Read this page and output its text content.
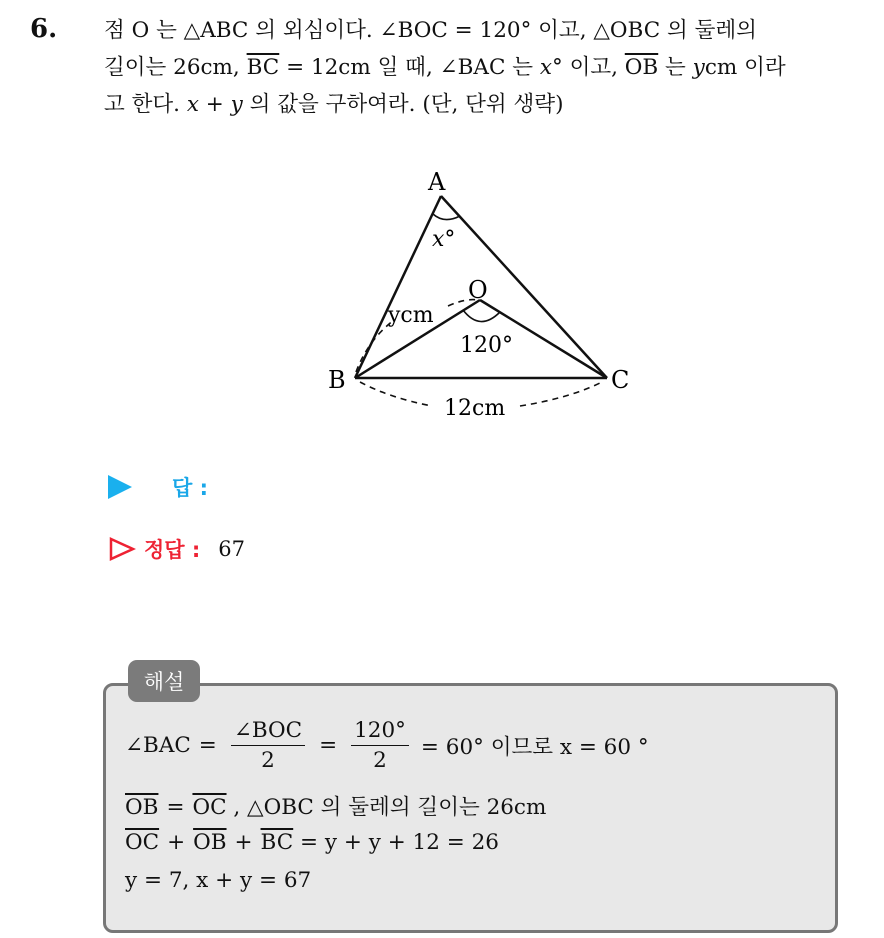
6. 점 O 는 △ABC 의 외심이다. ∠BOC = 120° 이고, △OBC 의 둘레의
길이는 26cm, $\overline{BC} = 12cm$ 일 때, ∠BAC 는 x° 이고, $\overline{OB}$ 는 ycm 이라
고 한다. x + y 의 값을 구하여라. (단, 단위 생략)
A
B	C
O
x°
120°
ycm
12cm
답 :
정답 : 67
해설
∠BAC = $\frac{\text{∠BOC}}{2} = \frac{120^\circ}{2} = 60^\circ$ 이므로 x = 60 °
$\overline{OB} = \overline{OC}$ , △OBC 의 둘레의 길이는 26cm
$\overline{OC} + \overline{OB} + \overline{BC} = y + y + 12 = 26$
y = 7, x + y = 67
